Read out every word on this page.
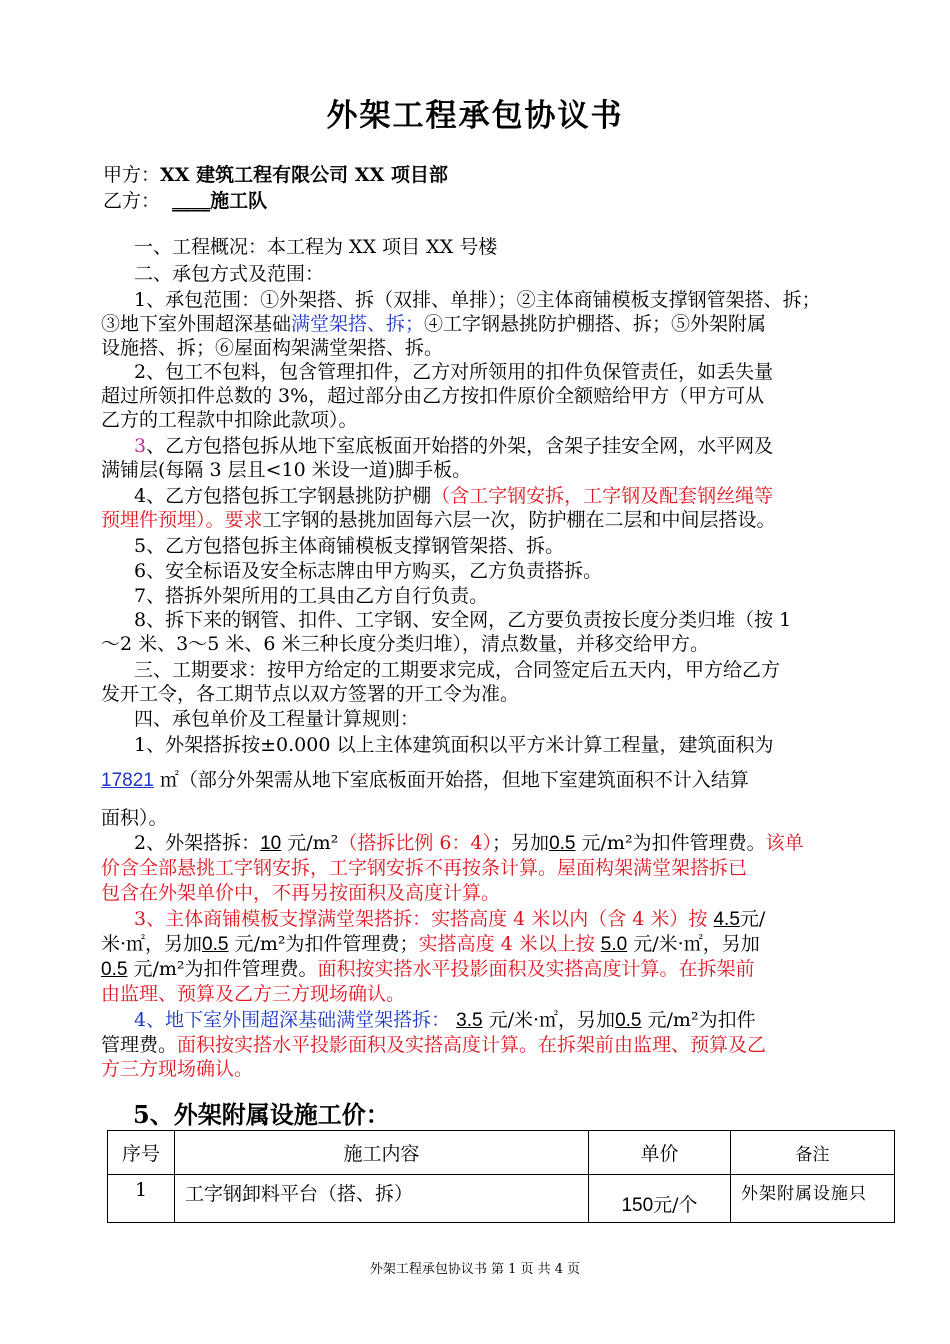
外架工程承包协议书
甲方：XX 建筑工程有限公司 XX 项目部
乙方： ____施工队
一、工程概况：本工程为 XX 项目 XX 号楼
二、承包方式及范围：
1、承包范围：①外架搭、拆（双排、单排）；②主体商铺模板支撑钢管架搭、拆；
③地下室外围超深基础满堂架搭、拆；④工字钢悬挑防护棚搭、拆；⑤外架附属
设施搭、拆；⑥屋面构架满堂架搭、拆。
2、包工不包料，包含管理扣件，乙方对所领用的扣件负保管责任，如丢失量
超过所领扣件总数的 3%，超过部分由乙方按扣件原价全额赔给甲方（甲方可从
乙方的工程款中扣除此款项）。
3、乙方包搭包拆从地下室底板面开始搭的外架，含架子挂安全网，水平网及
满铺层(每隔 3 层且<10 米设一道)脚手板。
4、乙方包搭包拆工字钢悬挑防护棚（含工字钢安拆，工字钢及配套钢丝绳等
预埋件预埋）。要求工字钢的悬挑加固每六层一次，防护棚在二层和中间层搭设。
5、乙方包搭包拆主体商铺模板支撑钢管架搭、拆。
6、安全标语及安全标志牌由甲方购买，乙方负责搭拆。
7、搭拆外架所用的工具由乙方自行负责。
8、拆下来的钢管、扣件、工字钢、安全网，乙方要负责按长度分类归堆（按 1
～2 米、3～5 米、6 米三种长度分类归堆），清点数量，并移交给甲方。
三、工期要求：按甲方给定的工期要求完成，合同签定后五天内，甲方给乙方
发开工令，各工期节点以双方签署的开工令为准。
四、承包单价及工程量计算规则：
1、外架搭拆按±0.000 以上主体建筑面积以平方米计算工程量，建筑面积为
17821 ㎡（部分外架需从地下室底板面开始搭，但地下室建筑面积不计入结算
面积）。
2、外架搭拆：10 元/m²（搭拆比例 6：4）；另加0.5 元/m²为扣件管理费。该单
价含全部悬挑工字钢安拆，工字钢安拆不再按条计算。屋面构架满堂架搭拆已
包含在外架单价中，不再另按面积及高度计算。
3、主体商铺模板支撑满堂架搭拆：实搭高度 4 米以内（含 4 米）按 4.5元/
米·㎡，另加0.5 元/m²为扣件管理费；实搭高度 4 米以上按 5.0 元/米·㎡，另加
0.5 元/m²为扣件管理费。面积按实搭水平投影面积及实搭高度计算。在拆架前
由监理、预算及乙方三方现场确认。
4、地下室外围超深基础满堂架搭拆： 3.5 元/米·㎡，另加0.5 元/m²为扣件
管理费。面积按实搭水平投影面积及实搭高度计算。在拆架前由监理、预算及乙
方三方现场确认。
5、外架附属设施工价：
序号	施工内容	单价	备注
1	工字钢卸料平台（搭、拆）	150元/个	外架附属设施只
外架工程承包协议书 第 1 页 共 4 页
